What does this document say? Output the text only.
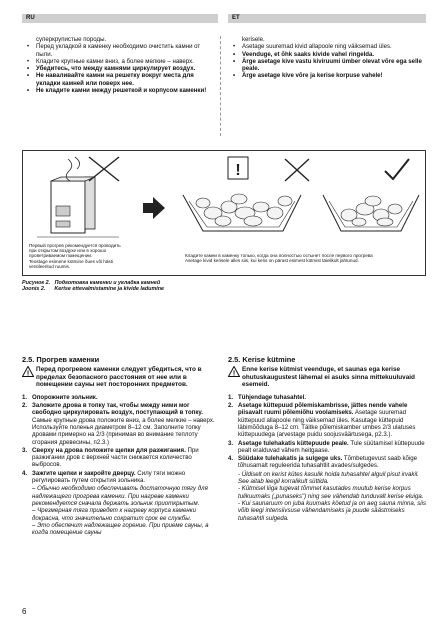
RU	ET
суперкрупистые породы.
• Перед укладкой в каменку необходимо очистить камни от пыли.
• Кладите крупные камни вниз, а более мелкие – наверх.
• Убедитесь, что между камнями циркулирует воздух.
• Не наваливайте камни на решетку вокруг места для укладки камней или поверх нее.
• Не кладите камни между решеткой и корпусом каменки!
kerisele.
• Asetage suuremad kivid allapoole ning väiksemad üles.
• Veenduge, et õhk saaks kivide vahel ringelda.
• Ärge asetage kive vastu kiviruumi ümber olevat võre ega selle peale.
• Ärge asetage kive võre ja kerise korpuse vahele!
!
Первый прогрев рекомендуется проводить при открытом воздухе или в хорошо проветриваемом помещении.
Teostage esimene kütmine õues või hästi ventileeritud ruumis.
Кладите камни в каменку только, когда она полностью остынет после первого прогрева
Asetage kivid kerisele alles siis, kui keris on pärast esimest kütmist täielikult jahtunud.
Рисунок 2. Подготовка каменки и укладка камней
Joonis 2. Kerise ettevalmistamine ja kivide ladumine
2.5. Прогрев каменки
!
Перед прогревом каменки следует убедиться, что в пределах безопасного расстояния от нее или в помещении сауны нет посторонних предметов.
1. Опорожните зольник.
2. Заложите дрова в топку так, чтобы между ними мог свободно циркулировать воздух, поступающий в топку. Самые крупные дрова положите вниз, а более мелкие – наверх. Используйте поленья диаметром 8–12 см. Заполните топку дровами примерно на 2/3 (принимая во внимание теплоту сгорания древесины, п2.3.)
3. Сверху на дрова положите щепки для разжигания. При разжигании дров с верхней части снижается количество выбросов.
4. Зажгите щепки и закройте дверцу. Силу тяги можно регулировать путем открытия зольника.
– Обычно необходимо обеспечивать достаточную тягу для надлежащего прогрева каменки. При нагреве каменки рекомендуется сначала держать зольник приоткрытым.
– Чрезмерная тяга приведет к нагреву корпуса каменки докрасна, что значительно сократит срок ее службы.
– Это обеспечит надлежащее горение. При приеме сауны, а когда помещение сауны
2.5. Kerise kütmine
!
Enne kerise kütmist veenduge, et saunas ega kerise ohutuskaugustest lähemal ei asuks sinna mittekuuluvaid esemeid.
1. Tühjendage tuhasahtel.
2. Asetage küttepuud põlemiskambrisse, jättes nende vahele piisavalt ruumi põlemiõhu voolamiseks. Asetage suuremad küttepuud allapoole ning väiksemad üles. Kasutage küttepuid läbimõõduga 8–12 cm. Täitke põlemiskamber umbes 2/3 ulatuses küttepuudega (arvestage puidu soojusväärtusega, p2.3.).
3. Asetage tulehakatis küttepuude peale. Tule süütamisel küttepuude pealt eralduvad vähem heitgaase.
4. Süüdake tulehakatis ja sulgege uks. Tõmbetugevust saab kõige tõhusamalt reguleerida tuhasahtlit avades/sulgedes.
- Üldiselt on kerist kütes kasulik hoida tuhasahtel alguil pisut irvakil. See aitab leegil korralikult süttida.
- Kütmisel liiga tugevat tõmmet kasutades muutub kerise korpus tulikuumaks („punaseks") ning see vähendab tunduvalt kerise eluiga.
- Kui saunaruum on juba kuumaks köetud ja on aeg sauna minna, siis võib leegi intensiivsuse vähendamiseks ja puude säästmiseks tuhasahtli sulgeda.
6
